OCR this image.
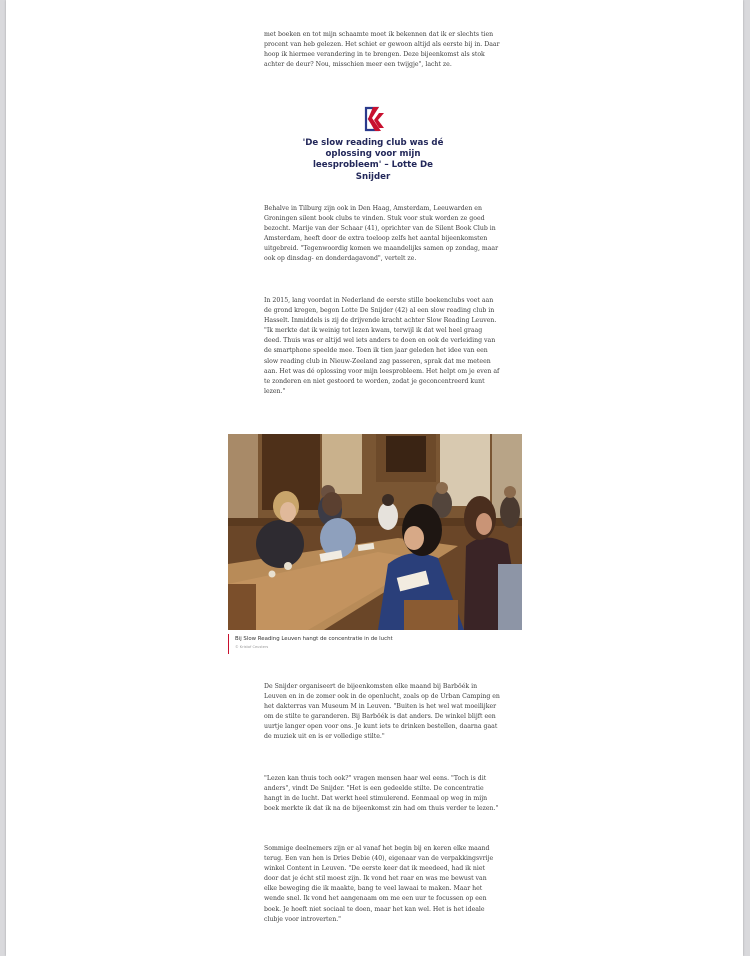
met boeken en tot mijn schaamte moet ik bekennen dat ik er slechts tien procent van heb gelezen. Het schiet er gewoon altijd als eerste bij in. Daar hoop ik hiermee verandering in te brengen. Deze bijeenkomst als stok achter de deur? Nou, misschien meer een twijgje", lacht ze.

'De slow reading club was dé oplossing voor mijn leesprobleem' – Lotte De Snijder

Behalve in Tilburg zijn ook in Den Haag, Amsterdam, Leeuwarden en Groningen silent book clubs te vinden. Stuk voor stuk worden ze goed bezocht. Marije van der Schaar (41), oprichter van de Silent Book Club in Amsterdam, heeft door de extra toeloop zelfs het aantal bijeenkomsten uitgebreid. "Tegenwoordig komen we maandelijks samen op zondag, maar ook op dinsdag- en donderdagavond", vertelt ze.

In 2015, lang voordat in Nederland de eerste stille boekenclubs voet aan de grond kregen, begon Lotte De Snijder (42) al een slow reading club in Hasselt. Inmiddels is zij de drijvende kracht achter Slow Reading Leuven. "Ik merkte dat ik weinig tot lezen kwam, terwijl ik dat wel heel graag deed. Thuis was er altijd wel iets anders te doen en ook de verleiding van de smartphone speelde mee. Toen ik tien jaar geleden het idee van een slow reading club in Nieuw-Zeeland zag passeren, sprak dat me meteen aan. Het was dé oplossing voor mijn leesprobleem. Het helpt om je even af te zonderen en niet gestoord te worden, zodat je geconcentreerd kunt lezen."

Bij Slow Reading Leuven hangt de concentratie in de lucht
© Kristof Ceusters

De Snijder organiseert de bijeenkomsten elke maand bij Barböék in Leuven en in de zomer ook in de openlucht, zoals op de Urban Camping en het dakterras van Museum M in Leuven. "Buiten is het wel wat moeilijker om de stilte te garanderen. Bij Barböék is dat anders. De winkel blijft een uurtje langer open voor ons. Je kunt iets te drinken bestellen, daarna gaat de muziek uit en is er volledige stilte."

"Lezen kan thuis toch ook?" vragen mensen haar wel eens. "Toch is dit anders", vindt De Snijder. "Het is een gedeelde stilte. De concentratie hangt in de lucht. Dat werkt heel stimulerend. Eenmaal op weg in mijn boek merkte ik dat ik na de bijeenkomst zin had om thuis verder te lezen."

Sommige deelnemers zijn er al vanaf het begin bij en keren elke maand terug. Een van hen is Dries Debie (40), eigenaar van de verpakkingsvrije winkel Content in Leuven. "De eerste keer dat ik meedeed, had ik niet door dat je écht stil moest zijn. Ik vond het raar en was me bewust van elke beweging die ik maakte, bang te veel lawaai te maken. Maar het wende snel. Ik vond het aangenaam om me een uur te focussen op een boek. Je hoeft niet sociaal te doen, maar het kan wel. Het is het ideale clubje voor introverten."
